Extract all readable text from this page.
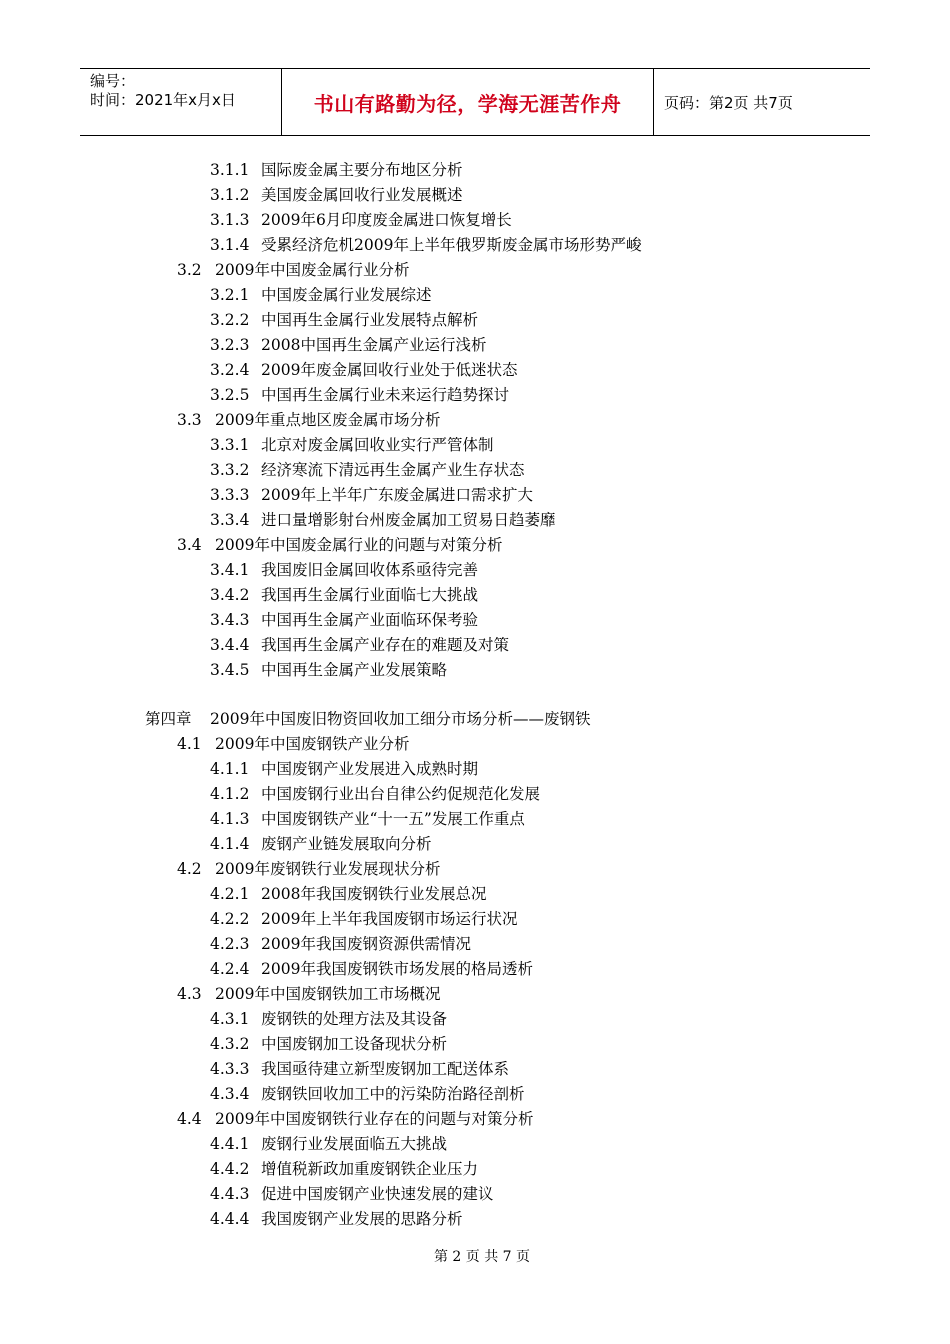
编号：
时间：2021年x月x日	书山有路勤为径，学海无涯苦作舟	页码：第2页 共7页
3.1.1 国际废金属主要分布地区分析
3.1.2 美国废金属回收行业发展概述
3.1.3 2009年6月印度废金属进口恢复增长
3.1.4 受累经济危机2009年上半年俄罗斯废金属市场形势严峻
3.2 2009年中国废金属行业分析
3.2.1 中国废金属行业发展综述
3.2.2 中国再生金属行业发展特点解析
3.2.3 2008中国再生金属产业运行浅析
3.2.4 2009年废金属回收行业处于低迷状态
3.2.5 中国再生金属行业未来运行趋势探讨
3.3 2009年重点地区废金属市场分析
3.3.1 北京对废金属回收业实行严管体制
3.3.2 经济寒流下清远再生金属产业生存状态
3.3.3 2009年上半年广东废金属进口需求扩大
3.3.4 进口量增影射台州废金属加工贸易日趋萎靡
3.4 2009年中国废金属行业的问题与对策分析
3.4.1 我国废旧金属回收体系亟待完善
3.4.2 我国再生金属行业面临七大挑战
3.4.3 中国再生金属产业面临环保考验
3.4.4 我国再生金属产业存在的难题及对策
3.4.5 中国再生金属产业发展策略
第四章 2009年中国废旧物资回收加工细分市场分析——废钢铁
4.1 2009年中国废钢铁产业分析
4.1.1 中国废钢产业发展进入成熟时期
4.1.2 中国废钢行业出台自律公约促规范化发展
4.1.3 中国废钢铁产业“十一五”发展工作重点
4.1.4 废钢产业链发展取向分析
4.2 2009年废钢铁行业发展现状分析
4.2.1 2008年我国废钢铁行业发展总况
4.2.2 2009年上半年我国废钢市场运行状况
4.2.3 2009年我国废钢资源供需情况
4.2.4 2009年我国废钢铁市场发展的格局透析
4.3 2009年中国废钢铁加工市场概况
4.3.1 废钢铁的处理方法及其设备
4.3.2 中国废钢加工设备现状分析
4.3.3 我国亟待建立新型废钢加工配送体系
4.3.4 废钢铁回收加工中的污染防治路径剖析
4.4 2009年中国废钢铁行业存在的问题与对策分析
4.4.1 废钢行业发展面临五大挑战
4.4.2 增值税新政加重废钢铁企业压力
4.4.3 促进中国废钢产业快速发展的建议
4.4.4 我国废钢产业发展的思路分析
第 2 页 共 7 页
